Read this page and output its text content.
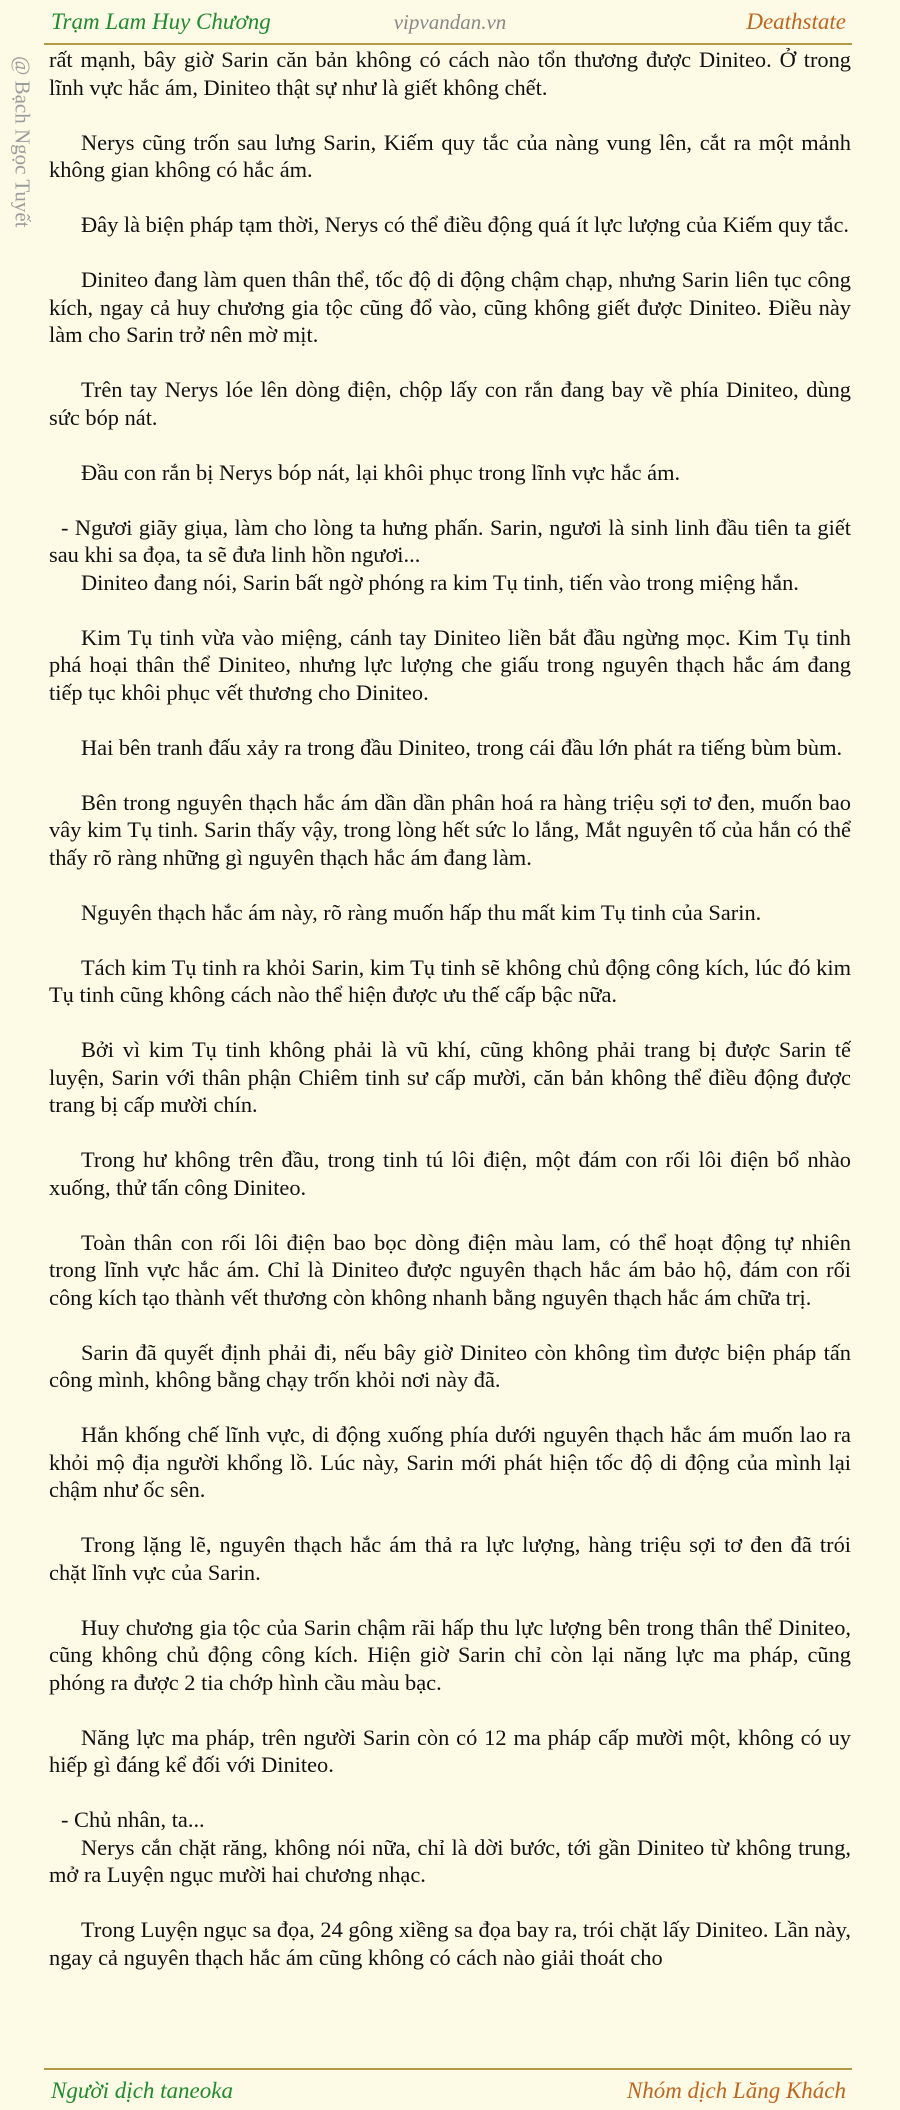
Trạm Lam Huy Chương	vipvandan.vn	Deathstate
@ Bạch Ngọc Tuyết rất mạnh, bây giờ Sarin căn bản không có cách nào tổn thương được Diniteo. Ở trong lĩnh vực hắc ám, Diniteo thật sự như là giết không chết.

Nerys cũng trốn sau lưng Sarin, Kiếm quy tắc của nàng vung lên, cắt ra một mảnh không gian không có hắc ám.

Đây là biện pháp tạm thời, Nerys có thể điều động quá ít lực lượng của Kiếm quy tắc.

Diniteo đang làm quen thân thể, tốc độ di động chậm chạp, nhưng Sarin liên tục công kích, ngay cả huy chương gia tộc cũng đổ vào, cũng không giết được Diniteo. Điều này làm cho Sarin trở nên mờ mịt.

Trên tay Nerys lóe lên dòng điện, chộp lấy con rắn đang bay về phía Diniteo, dùng sức bóp nát.

Đầu con rắn bị Nerys bóp nát, lại khôi phục trong lĩnh vực hắc ám.

- Ngươi giãy giụa, làm cho lòng ta hưng phấn. Sarin, ngươi là sinh linh đầu tiên ta giết sau khi sa đọa, ta sẽ đưa linh hồn ngươi...

Diniteo đang nói, Sarin bất ngờ phóng ra kim Tụ tinh, tiến vào trong miệng hắn.

Kim Tụ tinh vừa vào miệng, cánh tay Diniteo liền bắt đầu ngừng mọc. Kim Tụ tinh phá hoại thân thể Diniteo, nhưng lực lượng che giấu trong nguyên thạch hắc ám đang tiếp tục khôi phục vết thương cho Diniteo.

Hai bên tranh đấu xảy ra trong đầu Diniteo, trong cái đầu lớn phát ra tiếng bùm bùm.

Bên trong nguyên thạch hắc ám dần dần phân hoá ra hàng triệu sợi tơ đen, muốn bao vây kim Tụ tinh. Sarin thấy vậy, trong lòng hết sức lo lắng, Mắt nguyên tố của hắn có thể thấy rõ ràng những gì nguyên thạch hắc ám đang làm.

Nguyên thạch hắc ám này, rõ ràng muốn hấp thu mất kim Tụ tinh của Sarin.

Tách kim Tụ tinh ra khỏi Sarin, kim Tụ tinh sẽ không chủ động công kích, lúc đó kim Tụ tinh cũng không cách nào thể hiện được ưu thế cấp bậc nữa.

Bởi vì kim Tụ tinh không phải là vũ khí, cũng không phải trang bị được Sarin tế luyện, Sarin với thân phận Chiêm tinh sư cấp mười, căn bản không thể điều động được trang bị cấp mười chín.

Trong hư không trên đầu, trong tinh tú lôi điện, một đám con rối lôi điện bổ nhào xuống, thử tấn công Diniteo.

Toàn thân con rối lôi điện bao bọc dòng điện màu lam, có thể hoạt động tự nhiên trong lĩnh vực hắc ám. Chỉ là Diniteo được nguyên thạch hắc ám bảo hộ, đám con rối công kích tạo thành vết thương còn không nhanh bằng nguyên thạch hắc ám chữa trị.

Sarin đã quyết định phải đi, nếu bây giờ Diniteo còn không tìm được biện pháp tấn công mình, không bằng chạy trốn khỏi nơi này đã.

Hắn khống chế lĩnh vực, di động xuống phía dưới nguyên thạch hắc ám muốn lao ra khỏi mộ địa người khổng lồ. Lúc này, Sarin mới phát hiện tốc độ di động của mình lại chậm như ốc sên.

Trong lặng lẽ, nguyên thạch hắc ám thả ra lực lượng, hàng triệu sợi tơ đen đã trói chặt lĩnh vực của Sarin.

Huy chương gia tộc của Sarin chậm rãi hấp thu lực lượng bên trong thân thể Diniteo, cũng không chủ động công kích. Hiện giờ Sarin chỉ còn lại năng lực ma pháp, cũng phóng ra được 2 tia chớp hình cầu màu bạc.

Năng lực ma pháp, trên người Sarin còn có 12 ma pháp cấp mười một, không có uy hiếp gì đáng kể đối với Diniteo.

- Chủ nhân, ta...

Nerys cắn chặt răng, không nói nữa, chỉ là dời bước, tới gần Diniteo từ không trung, mở ra Luyện ngục mười hai chương nhạc.

Trong Luyện ngục sa đọa, 24 gông xiềng sa đọa bay ra, trói chặt lấy Diniteo. Lần này, ngay cả nguyên thạch hắc ám cũng không có cách nào giải thoát cho

Người dịch taneoka	Nhóm dịch Lăng Khách
